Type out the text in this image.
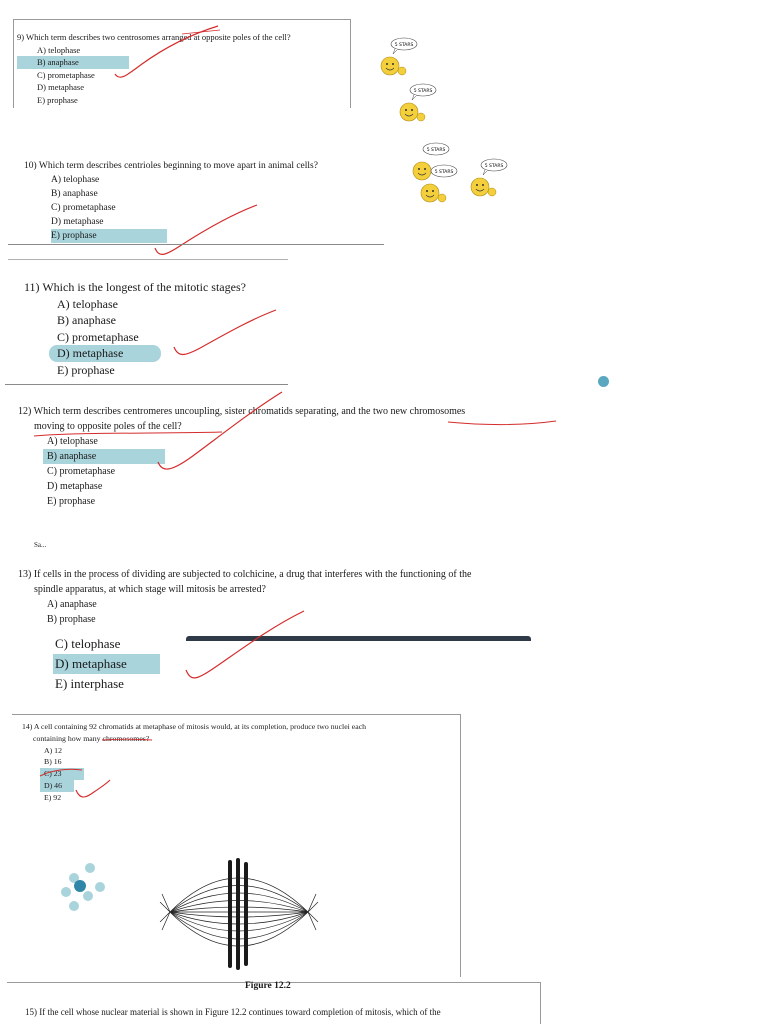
9) Which term describes two centrosomes arranged at opposite poles of the cell?
A) telophase
B) anaphase
C) prometaphase
D) metaphase
E) prophase
5 STARS
5 STARS
5 STARS
5 STARS
5 STARS
10) Which term describes centrioles beginning to move apart in animal cells?
A) telophase
B) anaphase
C) prometaphase
D) metaphase
E) prophase
11) Which is the longest of the mitotic stages?
A) telophase
B) anaphase
C) prometaphase
D) metaphase
E) prophase
12) Which term describes centromeres uncoupling, sister chromatids separating, and the two new chromosomes
moving to opposite poles of the cell?
A) telophase
B) anaphase
C) prometaphase
D) metaphase
E) prophase
Sa...
13) If cells in the process of dividing are subjected to colchicine, a drug that interferes with the functioning of the
spindle apparatus, at which stage will mitosis be arrested?
A) anaphase
B) prophase
C) telophase
D) metaphase
E) interphase
14) A cell containing 92 chromatids at metaphase of mitosis would, at its completion, produce two nuclei each
containing how many chromosomes?
A) 12
B) 16
C) 23
D) 46
E) 92
Figure 12.2
15) If the cell whose nuclear material is shown in Figure 12.2 continues toward completion of mitosis, which of the
